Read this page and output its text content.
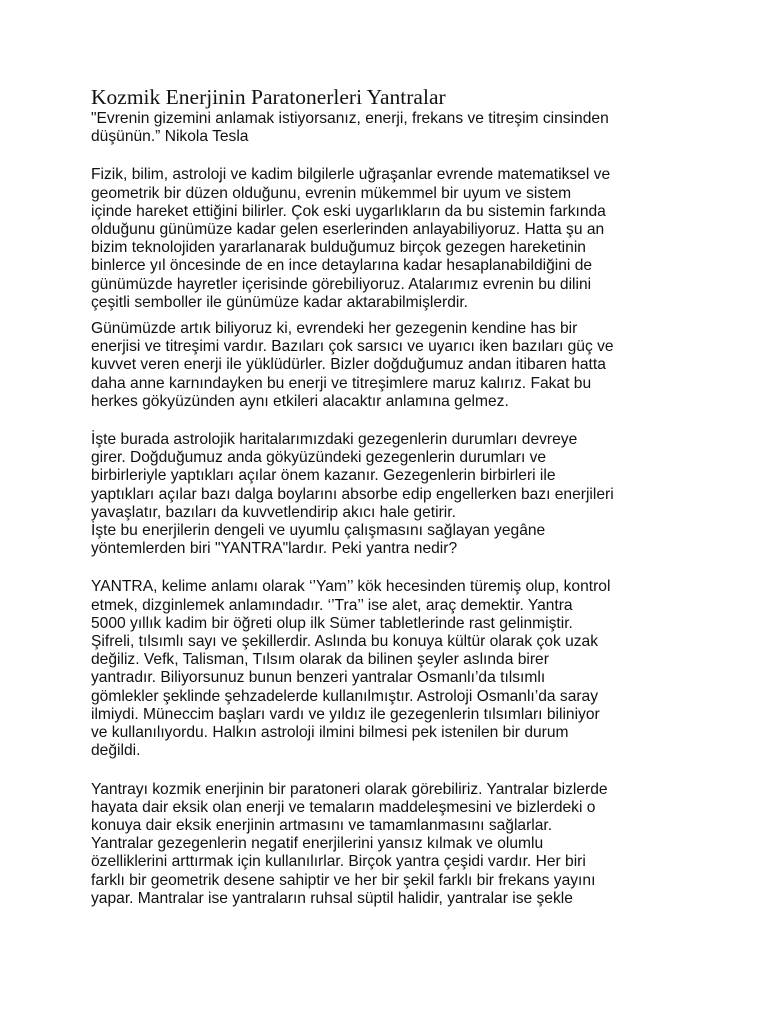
Kozmik Enerjinin Paratonerleri Yantralar

"Evrenin gizemini anlamak istiyorsanız, enerji, frekans ve titreşim cinsinden

düşünün.” Nikola Tesla

Fizik, bilim, astroloji ve kadim bilgilerle uğraşanlar evrende matematiksel ve

geometrik bir düzen olduğunu, evrenin mükemmel bir uyum ve sistem

içinde hareket ettiğini bilirler. Çok eski uygarlıkların da bu sistemin farkında

olduğunu günümüze kadar gelen eserlerinden anlayabiliyoruz. Hatta şu an

bizim teknolojiden yararlanarak bulduğumuz birçok gezegen hareketinin

binlerce yıl öncesinde de en ince detaylarına kadar hesaplanabildiğini de

günümüzde hayretler içerisinde görebiliyoruz. Atalarımız evrenin bu dilini

çeşitli semboller ile günümüze kadar aktarabilmişlerdir.

Günümüzde artık biliyoruz ki, evrendeki her gezegenin kendine has bir

enerjisi ve titreşimi vardır. Bazıları çok sarsıcı ve uyarıcı iken bazıları güç ve

kuvvet veren enerji ile yüklüdürler. Bizler doğduğumuz andan itibaren hatta

daha anne karnındayken bu enerji ve titreşimlere maruz kalırız. Fakat bu

herkes gökyüzünden aynı etkileri alacaktır anlamına gelmez.

İşte burada astrolojik haritalarımızdaki gezegenlerin durumları devreye

girer. Doğduğumuz anda gökyüzündeki gezegenlerin durumları ve

birbirleriyle yaptıkları açılar önem kazanır. Gezegenlerin birbirleri ile

yaptıkları açılar bazı dalga boylarını absorbe edip engellerken bazı enerjileri

yavaşlatır, bazıları da kuvvetlendirip akıcı hale getirir.

İşte bu enerjilerin dengeli ve uyumlu çalışmasını sağlayan yegâne

yöntemlerden biri "YANTRA"lardır. Peki yantra nedir?

YANTRA, kelime anlamı olarak ‘’Yam’’ kök hecesinden türemiş olup, kontrol

etmek, dizginlemek anlamındadır. ‘’Tra’’ ise alet, araç demektir. Yantra

5000 yıllık kadim bir öğreti olup ilk Sümer tabletlerinde rast gelinmiştir.

Şifreli, tılsımlı sayı ve şekillerdir. Aslında bu konuya kültür olarak çok uzak

değiliz. Vefk, Talisman, Tılsım olarak da bilinen şeyler aslında birer

yantradır. Biliyorsunuz bunun benzeri yantralar Osmanlı’da tılsımlı

gömlekler şeklinde şehzadelerde kullanılmıştır. Astroloji Osmanlı’da saray

ilmiydi. Müneccim başları vardı ve yıldız ile gezegenlerin tılsımları biliniyor

ve kullanılıyordu. Halkın astroloji ilmini bilmesi pek istenilen bir durum

değildi.

Yantrayı kozmik enerjinin bir paratoneri olarak görebiliriz. Yantralar bizlerde

hayata dair eksik olan enerji ve temaların maddeleşmesini ve bizlerdeki o

konuya dair eksik enerjinin artmasını ve tamamlanmasını sağlarlar.

Yantralar gezegenlerin negatif enerjilerini yansız kılmak ve olumlu

özelliklerini arttırmak için kullanılırlar. Birçok yantra çeşidi vardır. Her biri

farklı bir geometrik desene sahiptir ve her bir şekil farklı bir frekans yayını

yapar. Mantralar ise yantraların ruhsal süptil halidir, yantralar ise şekle
